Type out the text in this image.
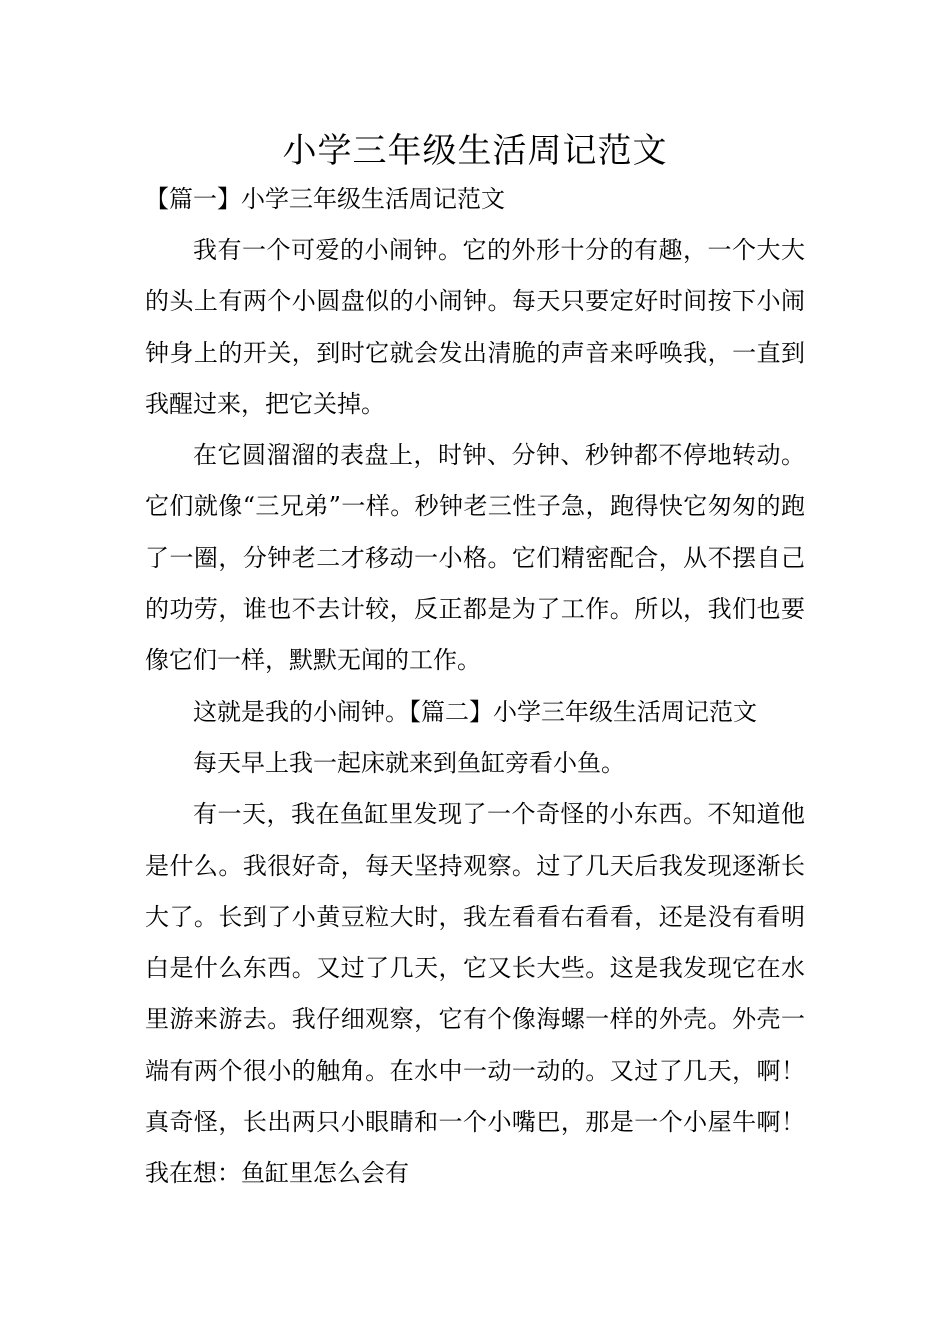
小学三年级生活周记范文
【篇一】小学三年级生活周记范文

我有一个可爱的小闹钟。它的外形十分的有趣，一个大大的头上有两个小圆盘似的小闹钟。每天只要定好时间按下小闹钟身上的开关，到时它就会发出清脆的声音来呼唤我，一直到我醒过来，把它关掉。

在它圆溜溜的表盘上，时钟、分钟、秒钟都不停地转动。它们就像“三兄弟”一样。秒钟老三性子急，跑得快它匆匆的跑了一圈，分钟老二才移动一小格。它们精密配合，从不摆自己的功劳，谁也不去计较，反正都是为了工作。所以，我们也要像它们一样，默默无闻的工作。

这就是我的小闹钟。【篇二】小学三年级生活周记范文

每天早上我一起床就来到鱼缸旁看小鱼。

有一天，我在鱼缸里发现了一个奇怪的小东西。不知道他是什么。我很好奇，每天坚持观察。过了几天后我发现逐渐长大了。长到了小黄豆粒大时，我左看看右看看，还是没有看明白是什么东西。又过了几天，它又长大些。这是我发现它在水里游来游去。我仔细观察，它有个像海螺一样的外壳。外壳一端有两个很小的触角。在水中一动一动的。又过了几天，啊！真奇怪，长出两只小眼睛和一个小嘴巴，那是一个小屋牛啊！我在想：鱼缸里怎么会有
